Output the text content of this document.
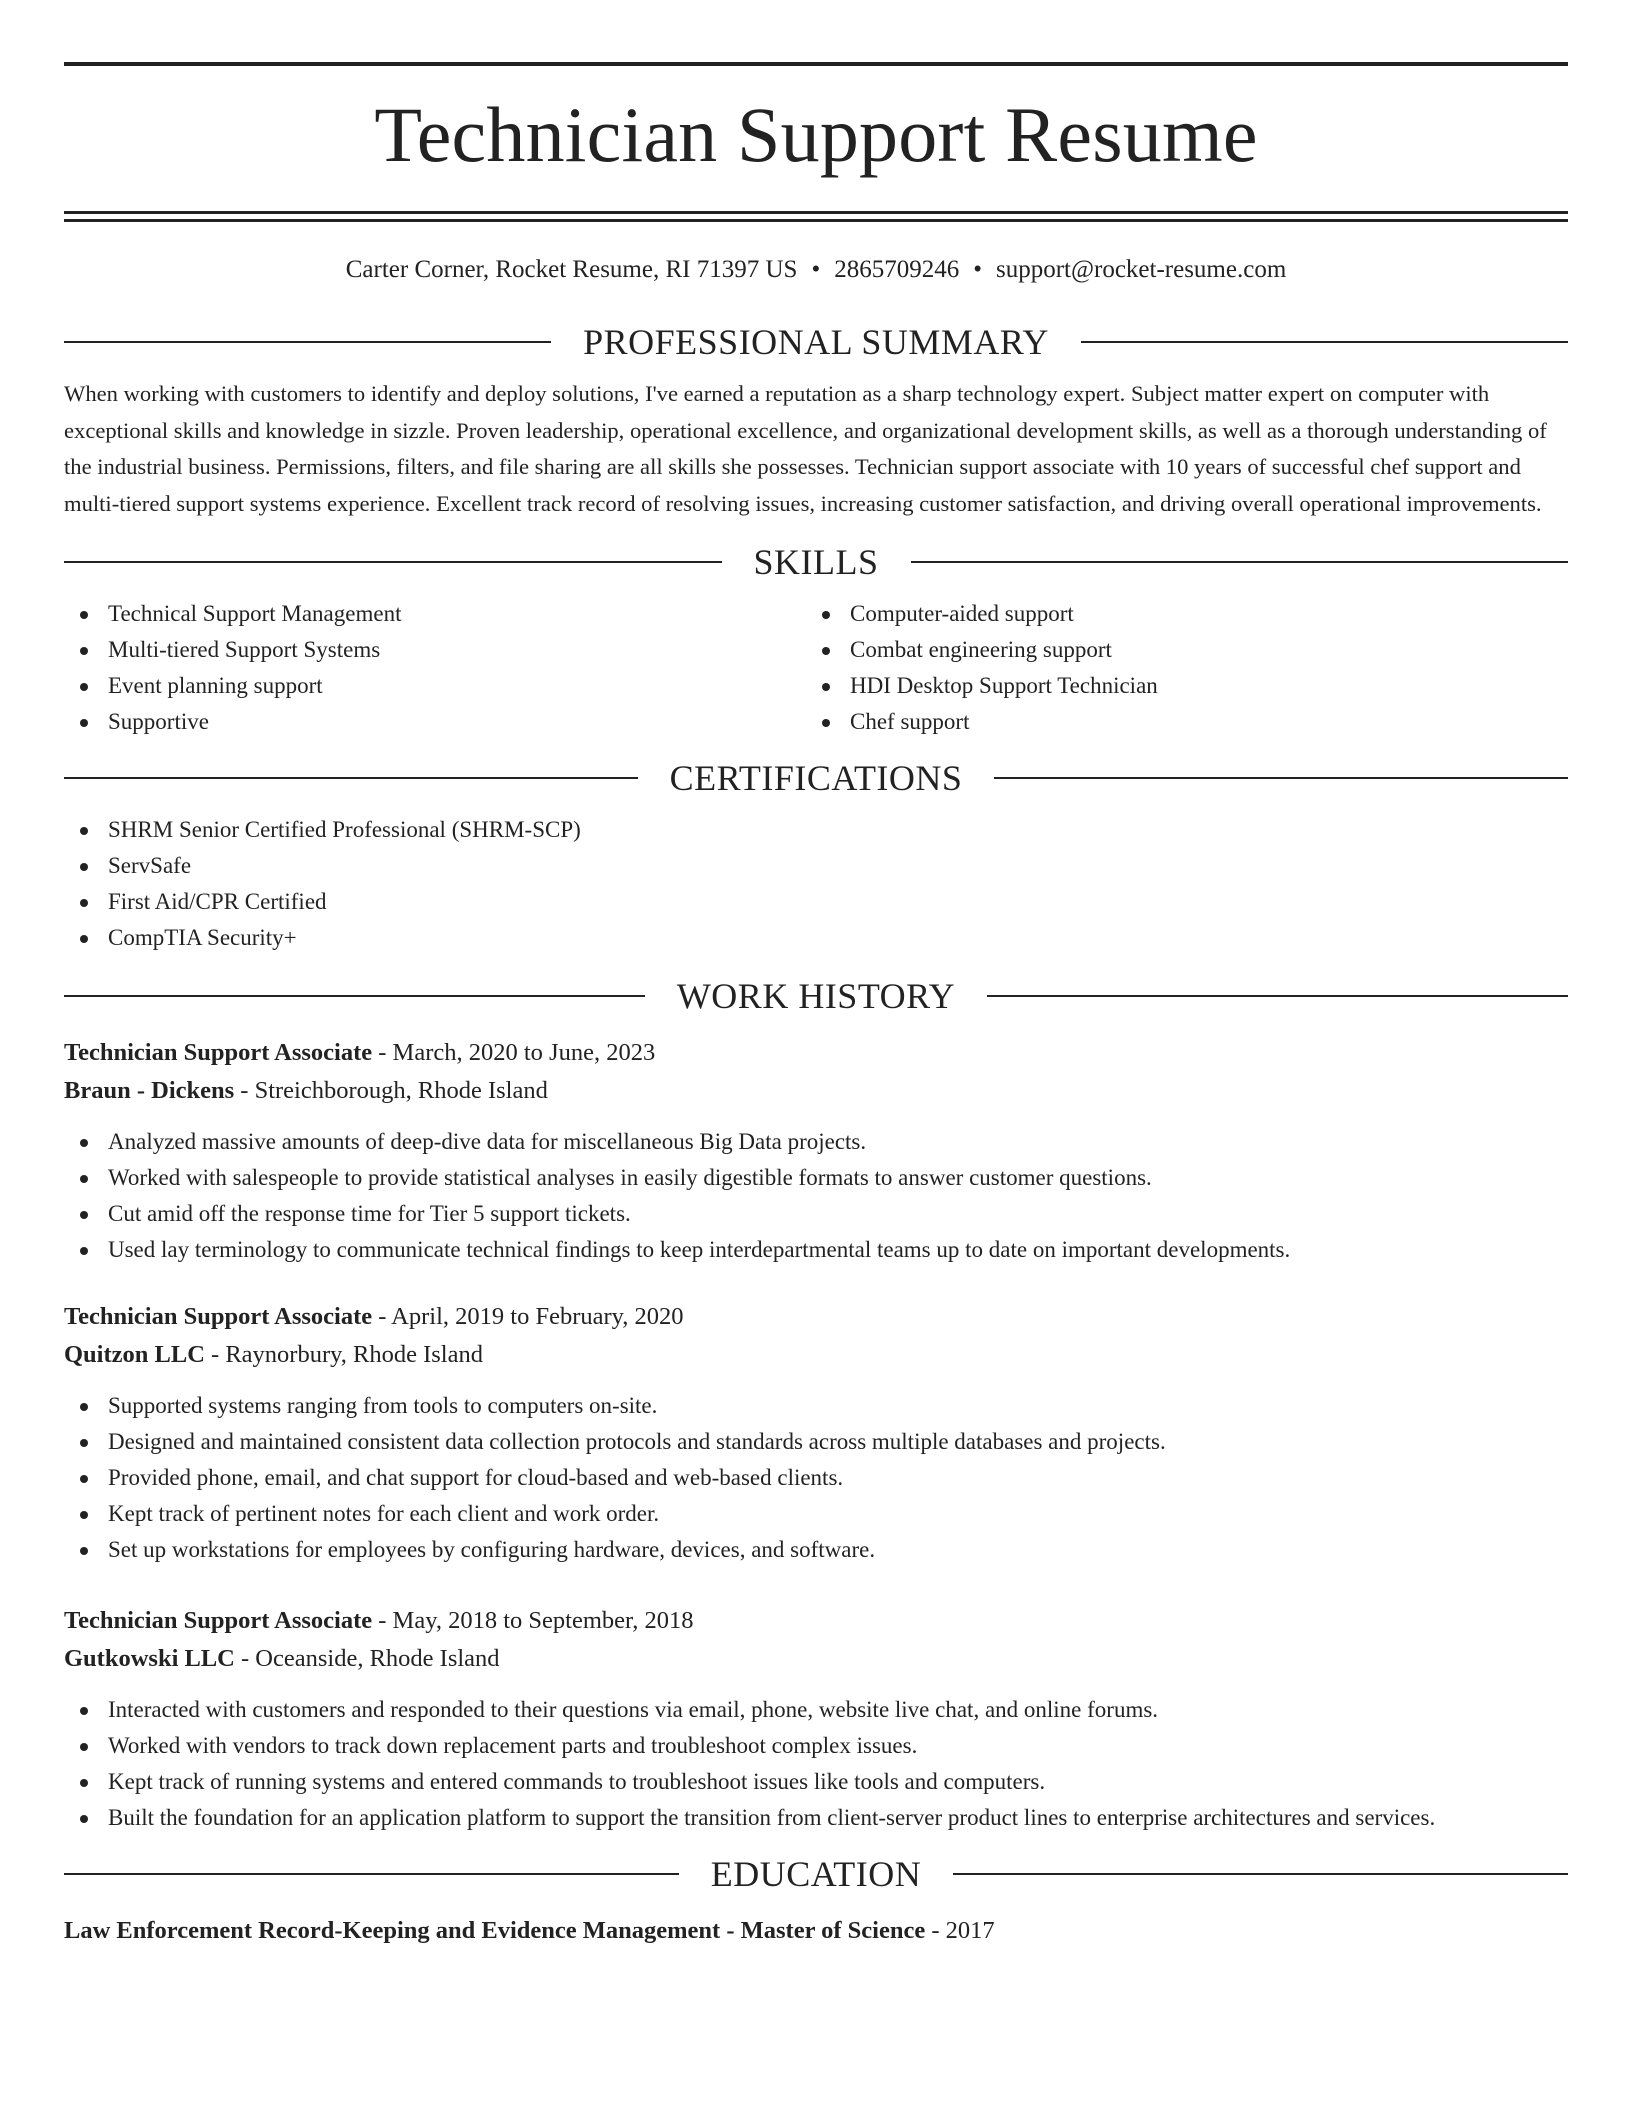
Technician Support Resume
Carter Corner, Rocket Resume, RI 71397 US • 2865709246 • support@rocket-resume.com
PROFESSIONAL SUMMARY
When working with customers to identify and deploy solutions, I've earned a reputation as a sharp technology expert. Subject matter expert on computer with exceptional skills and knowledge in sizzle. Proven leadership, operational excellence, and organizational development skills, as well as a thorough understanding of the industrial business. Permissions, filters, and file sharing are all skills she possesses. Technician support associate with 10 years of successful chef support and multi-tiered support systems experience. Excellent track record of resolving issues, increasing customer satisfaction, and driving overall operational improvements.
SKILLS
Technical Support Management
Multi-tiered Support Systems
Event planning support
Supportive
Computer-aided support
Combat engineering support
HDI Desktop Support Technician
Chef support
CERTIFICATIONS
SHRM Senior Certified Professional (SHRM-SCP)
ServSafe
First Aid/CPR Certified
CompTIA Security+
WORK HISTORY
Technician Support Associate - March, 2020 to June, 2023
Braun - Dickens - Streichborough, Rhode Island
Analyzed massive amounts of deep-dive data for miscellaneous Big Data projects.
Worked with salespeople to provide statistical analyses in easily digestible formats to answer customer questions.
Cut amid off the response time for Tier 5 support tickets.
Used lay terminology to communicate technical findings to keep interdepartmental teams up to date on important developments.
Technician Support Associate - April, 2019 to February, 2020
Quitzon LLC - Raynorbury, Rhode Island
Supported systems ranging from tools to computers on-site.
Designed and maintained consistent data collection protocols and standards across multiple databases and projects.
Provided phone, email, and chat support for cloud-based and web-based clients.
Kept track of pertinent notes for each client and work order.
Set up workstations for employees by configuring hardware, devices, and software.
Technician Support Associate - May, 2018 to September, 2018
Gutkowski LLC - Oceanside, Rhode Island
Interacted with customers and responded to their questions via email, phone, website live chat, and online forums.
Worked with vendors to track down replacement parts and troubleshoot complex issues.
Kept track of running systems and entered commands to troubleshoot issues like tools and computers.
Built the foundation for an application platform to support the transition from client-server product lines to enterprise architectures and services.
EDUCATION
Law Enforcement Record-Keeping and Evidence Management - Master of Science - 2017
